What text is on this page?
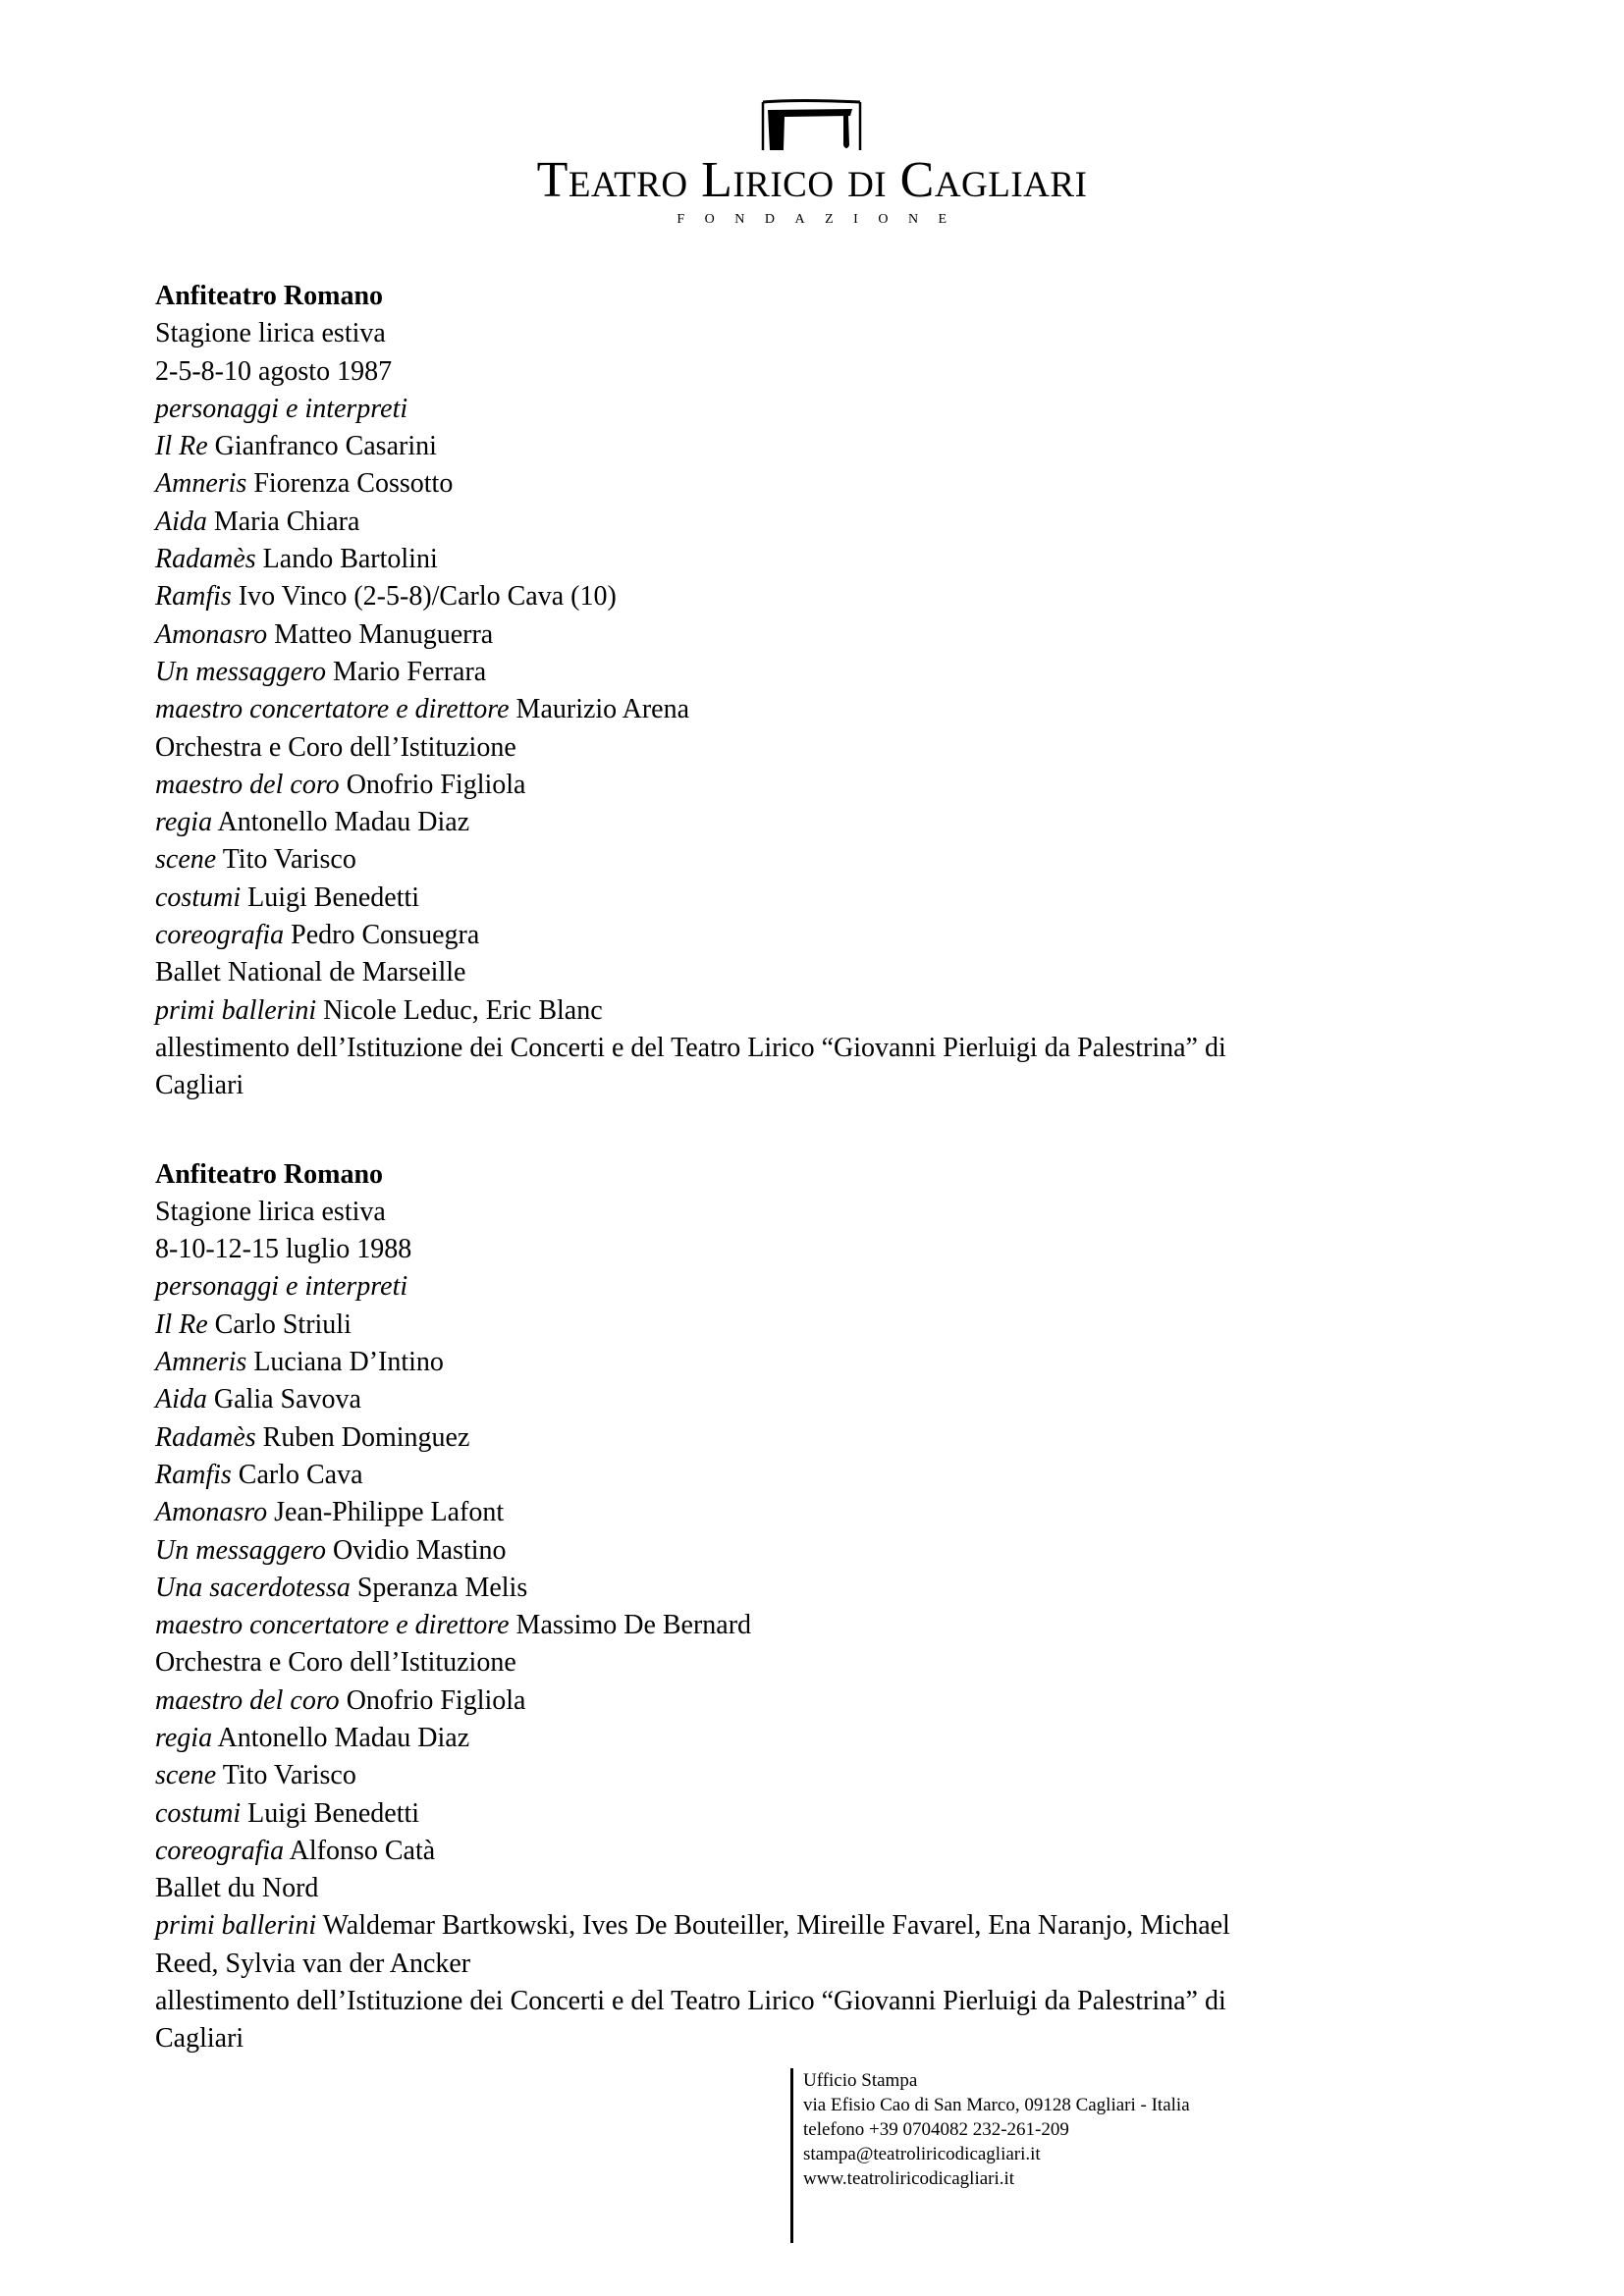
TEATRO LIRICO DI CAGLIARI
FONDAZIONE
Anfiteatro Romano
Stagione lirica estiva
2-5-8-10 agosto 1987
personaggi e interpreti
Il Re Gianfranco Casarini
Amneris Fiorenza Cossotto
Aida Maria Chiara
Radamès Lando Bartolini
Ramfis Ivo Vinco (2-5-8)/Carlo Cava (10)
Amonasro Matteo Manuguerra
Un messaggero Mario Ferrara
maestro concertatore e direttore Maurizio Arena
Orchestra e Coro dell’Istituzione
maestro del coro Onofrio Figliola
regia Antonello Madau Diaz
scene Tito Varisco
costumi Luigi Benedetti
coreografia Pedro Consuegra
Ballet National de Marseille
primi ballerini Nicole Leduc, Eric Blanc
allestimento dell’Istituzione dei Concerti e del Teatro Lirico “Giovanni Pierluigi da Palestrina” di
Cagliari
Anfiteatro Romano
Stagione lirica estiva
8-10-12-15 luglio 1988
personaggi e interpreti
Il Re Carlo Striuli
Amneris Luciana D’Intino
Aida Galia Savova
Radamès Ruben Dominguez
Ramfis Carlo Cava
Amonasro Jean-Philippe Lafont
Un messaggero Ovidio Mastino
Una sacerdotessa Speranza Melis
maestro concertatore e direttore Massimo De Bernard
Orchestra e Coro dell’Istituzione
maestro del coro Onofrio Figliola
regia Antonello Madau Diaz
scene Tito Varisco
costumi Luigi Benedetti
coreografia Alfonso Catà
Ballet du Nord
primi ballerini Waldemar Bartkowski, Ives De Bouteiller, Mireille Favarel, Ena Naranjo, Michael
Reed, Sylvia van der Ancker
allestimento dell’Istituzione dei Concerti e del Teatro Lirico “Giovanni Pierluigi da Palestrina” di
Cagliari
Ufficio Stampa
via Efisio Cao di San Marco, 09128 Cagliari - Italia
telefono +39 0704082 232-261-209
stampa@teatroliricodicagliari.it
www.teatroliricodicagliari.it
